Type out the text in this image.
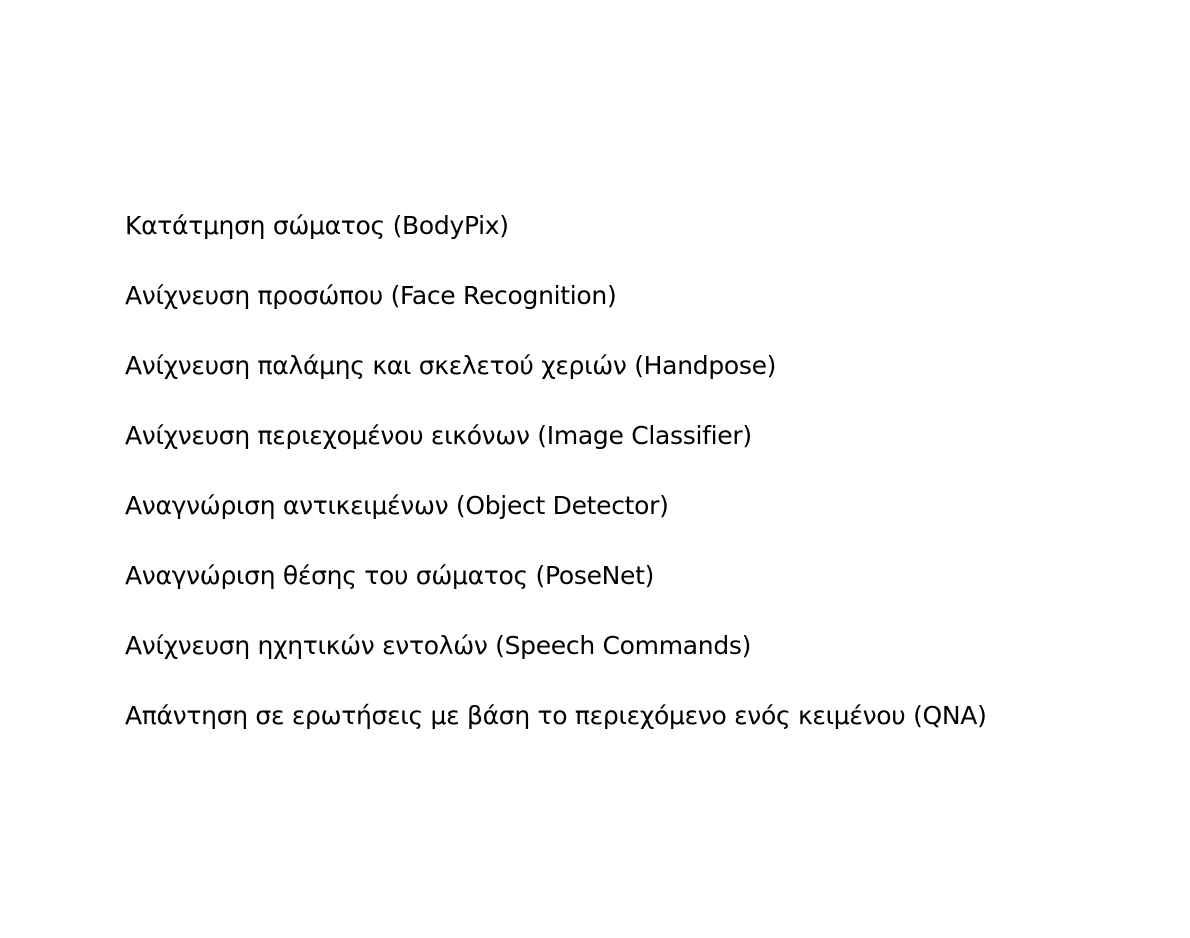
Κατάτμηση σώματος (BodyPix)
Ανίχνευση προσώπου (Face Recognition)
Ανίχνευση παλάμης και σκελετού χεριών (Handpose)
Ανίχνευση περιεχομένου εικόνων (Image Classifier)
Αναγνώριση αντικειμένων (Object Detector)
Αναγνώριση θέσης του σώματος (PoseNet)
Ανίχνευση ηχητικών εντολών (Speech Commands)
Απάντηση σε ερωτήσεις με βάση το περιεχόμενο ενός κειμένου (QNA)
